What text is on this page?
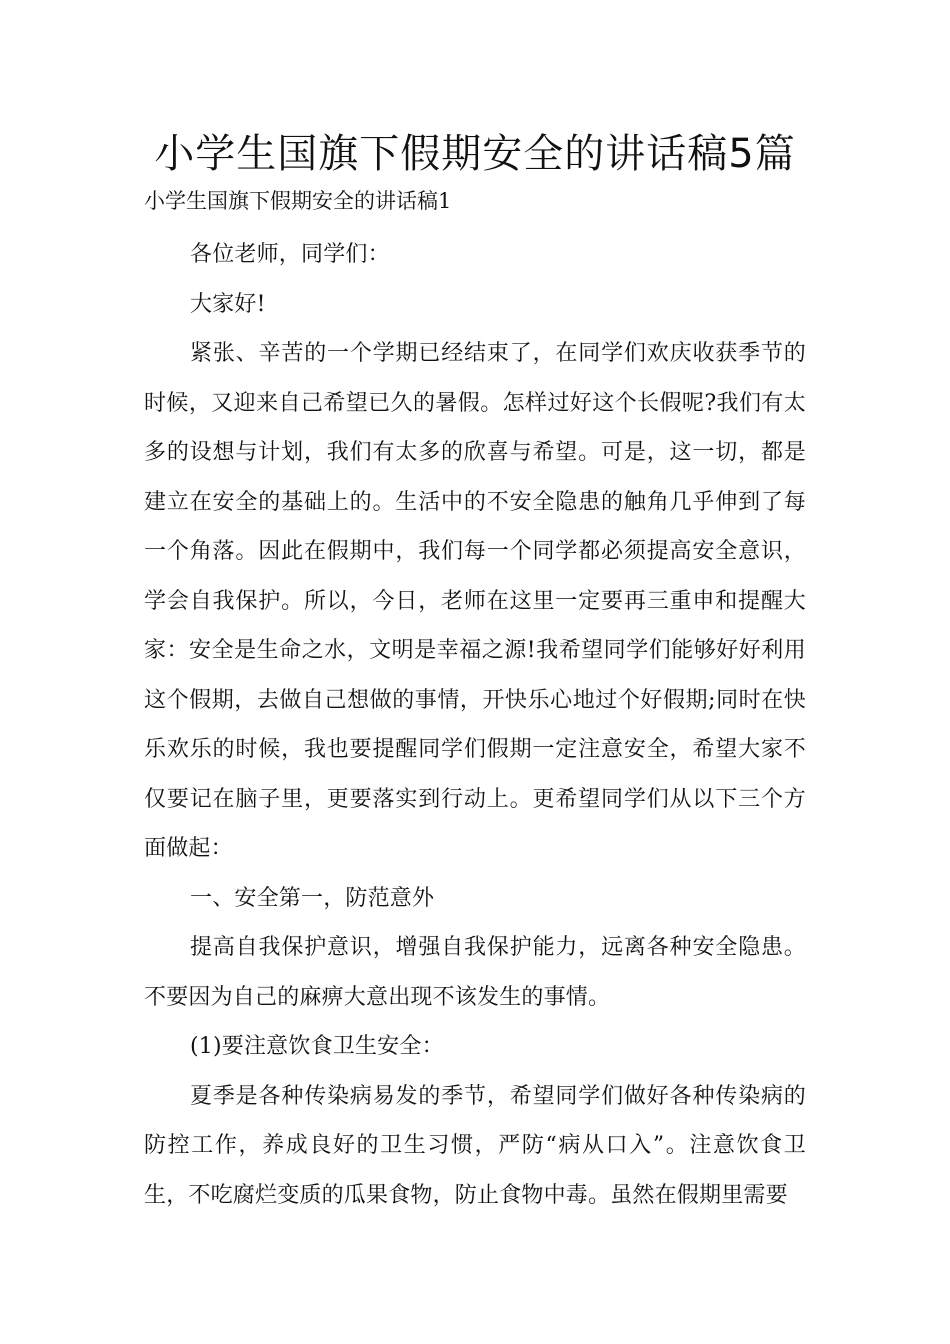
小学生国旗下假期安全的讲话稿5篇

小学生国旗下假期安全的讲话稿1

各位老师，同学们：

大家好!

紧张、辛苦的一个学期已经结束了，在同学们欢庆收获季节的时候，又迎来自己希望已久的暑假。怎样过好这个长假呢?我们有太多的设想与计划，我们有太多的欣喜与希望。可是，这一切，都是建立在安全的基础上的。生活中的不安全隐患的触角几乎伸到了每一个角落。因此在假期中，我们每一个同学都必须提高安全意识，学会自我保护。所以，今日，老师在这里一定要再三重申和提醒大家：安全是生命之水，文明是幸福之源!我希望同学们能够好好利用这个假期，去做自己想做的事情，开快乐心地过个好假期;同时在快乐欢乐的时候，我也要提醒同学们假期一定注意安全，希望大家不仅要记在脑子里，更要落实到行动上。更希望同学们从以下三个方面做起：

一、安全第一，防范意外

提高自我保护意识，增强自我保护能力，远离各种安全隐患。不要因为自己的麻痹大意出现不该发生的事情。

(1)要注意饮食卫生安全：

夏季是各种传染病易发的季节，希望同学们做好各种传染病的防控工作，养成良好的卫生习惯，严防“病从口入”。注意饮食卫生，不吃腐烂变质的瓜果食物，防止食物中毒。虽然在假期里需要
